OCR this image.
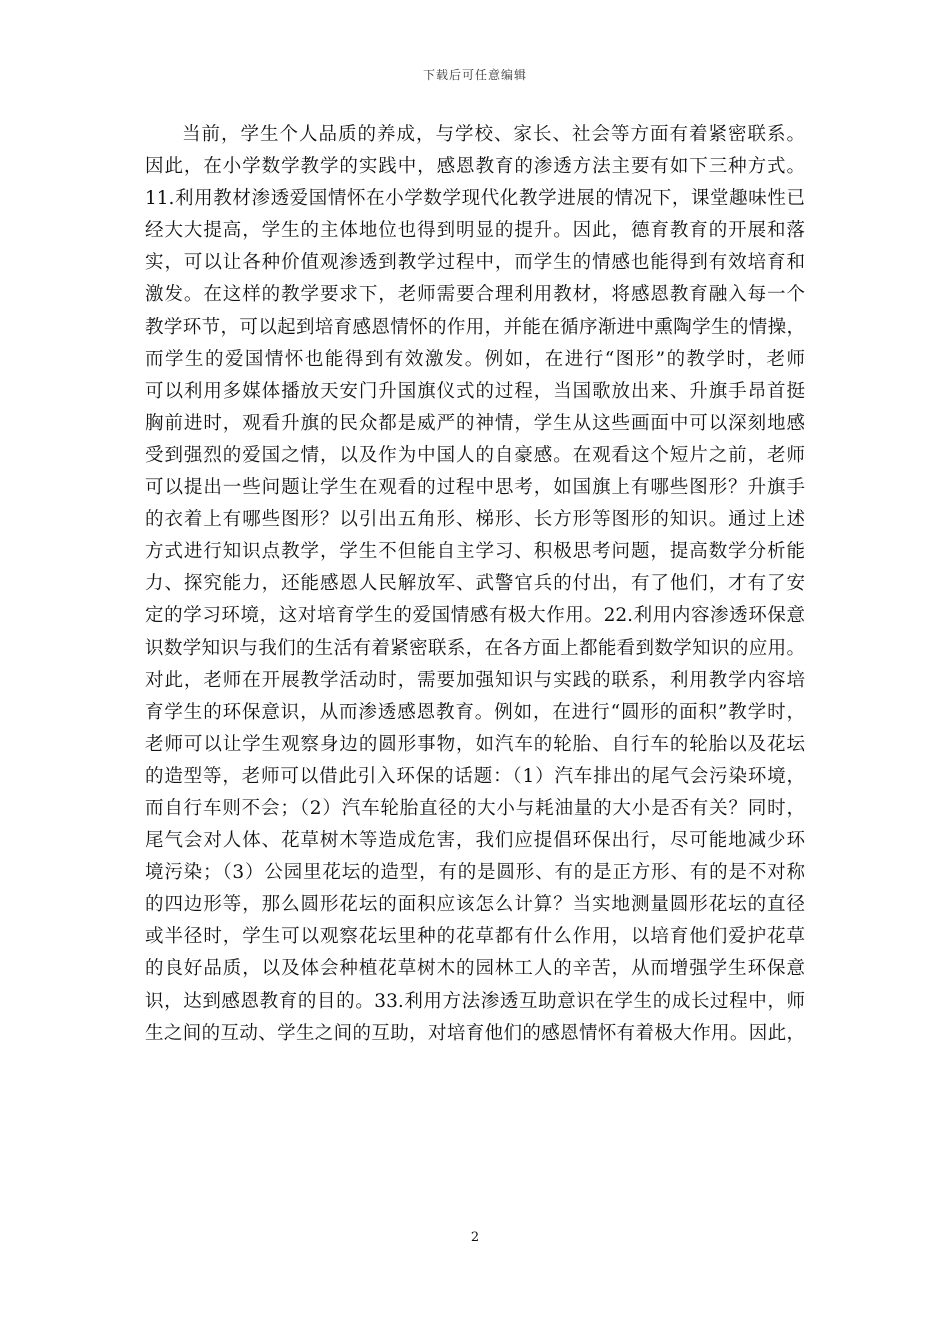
下载后可任意编辑
当前，学生个人品质的养成，与学校、家长、社会等方面有着紧密联系。
因此，在小学数学教学的实践中，感恩教育的渗透方法主要有如下三种方式。
11.利用教材渗透爱国情怀在小学数学现代化教学进展的情况下，课堂趣味性已
经大大提高，学生的主体地位也得到明显的提升。因此，德育教育的开展和落
实，可以让各种价值观渗透到教学过程中，而学生的情感也能得到有效培育和
激发。在这样的教学要求下，老师需要合理利用教材，将感恩教育融入每一个
教学环节，可以起到培育感恩情怀的作用，并能在循序渐进中熏陶学生的情操，
而学生的爱国情怀也能得到有效激发。例如，在进行“图形”的教学时，老师
可以利用多媒体播放天安门升国旗仪式的过程，当国歌放出来、升旗手昂首挺
胸前进时，观看升旗的民众都是威严的神情，学生从这些画面中可以深刻地感
受到强烈的爱国之情，以及作为中国人的自豪感。在观看这个短片之前，老师
可以提出一些问题让学生在观看的过程中思考，如国旗上有哪些图形？升旗手
的衣着上有哪些图形？以引出五角形、梯形、长方形等图形的知识。通过上述
方式进行知识点教学，学生不但能自主学习、积极思考问题，提高数学分析能
力、探究能力，还能感恩人民解放军、武警官兵的付出，有了他们，才有了安
定的学习环境，这对培育学生的爱国情感有极大作用。22.利用内容渗透环保意
识数学知识与我们的生活有着紧密联系，在各方面上都能看到数学知识的应用。
对此，老师在开展教学活动时，需要加强知识与实践的联系，利用教学内容培
育学生的环保意识，从而渗透感恩教育。例如，在进行“圆形的面积”教学时，
老师可以让学生观察身边的圆形事物，如汽车的轮胎、自行车的轮胎以及花坛
的造型等，老师可以借此引入环保的话题：（1）汽车排出的尾气会污染环境，
而自行车则不会；（2）汽车轮胎直径的大小与耗油量的大小是否有关？同时，
尾气会对人体、花草树木等造成危害，我们应提倡环保出行，尽可能地减少环
境污染；（3）公园里花坛的造型，有的是圆形、有的是正方形、有的是不对称
的四边形等，那么圆形花坛的面积应该怎么计算？当实地测量圆形花坛的直径
或半径时，学生可以观察花坛里种的花草都有什么作用，以培育他们爱护花草
的良好品质，以及体会种植花草树木的园林工人的辛苦，从而增强学生环保意
识，达到感恩教育的目的。33.利用方法渗透互助意识在学生的成长过程中，师
生之间的互动、学生之间的互助，对培育他们的感恩情怀有着极大作用。因此，
2
